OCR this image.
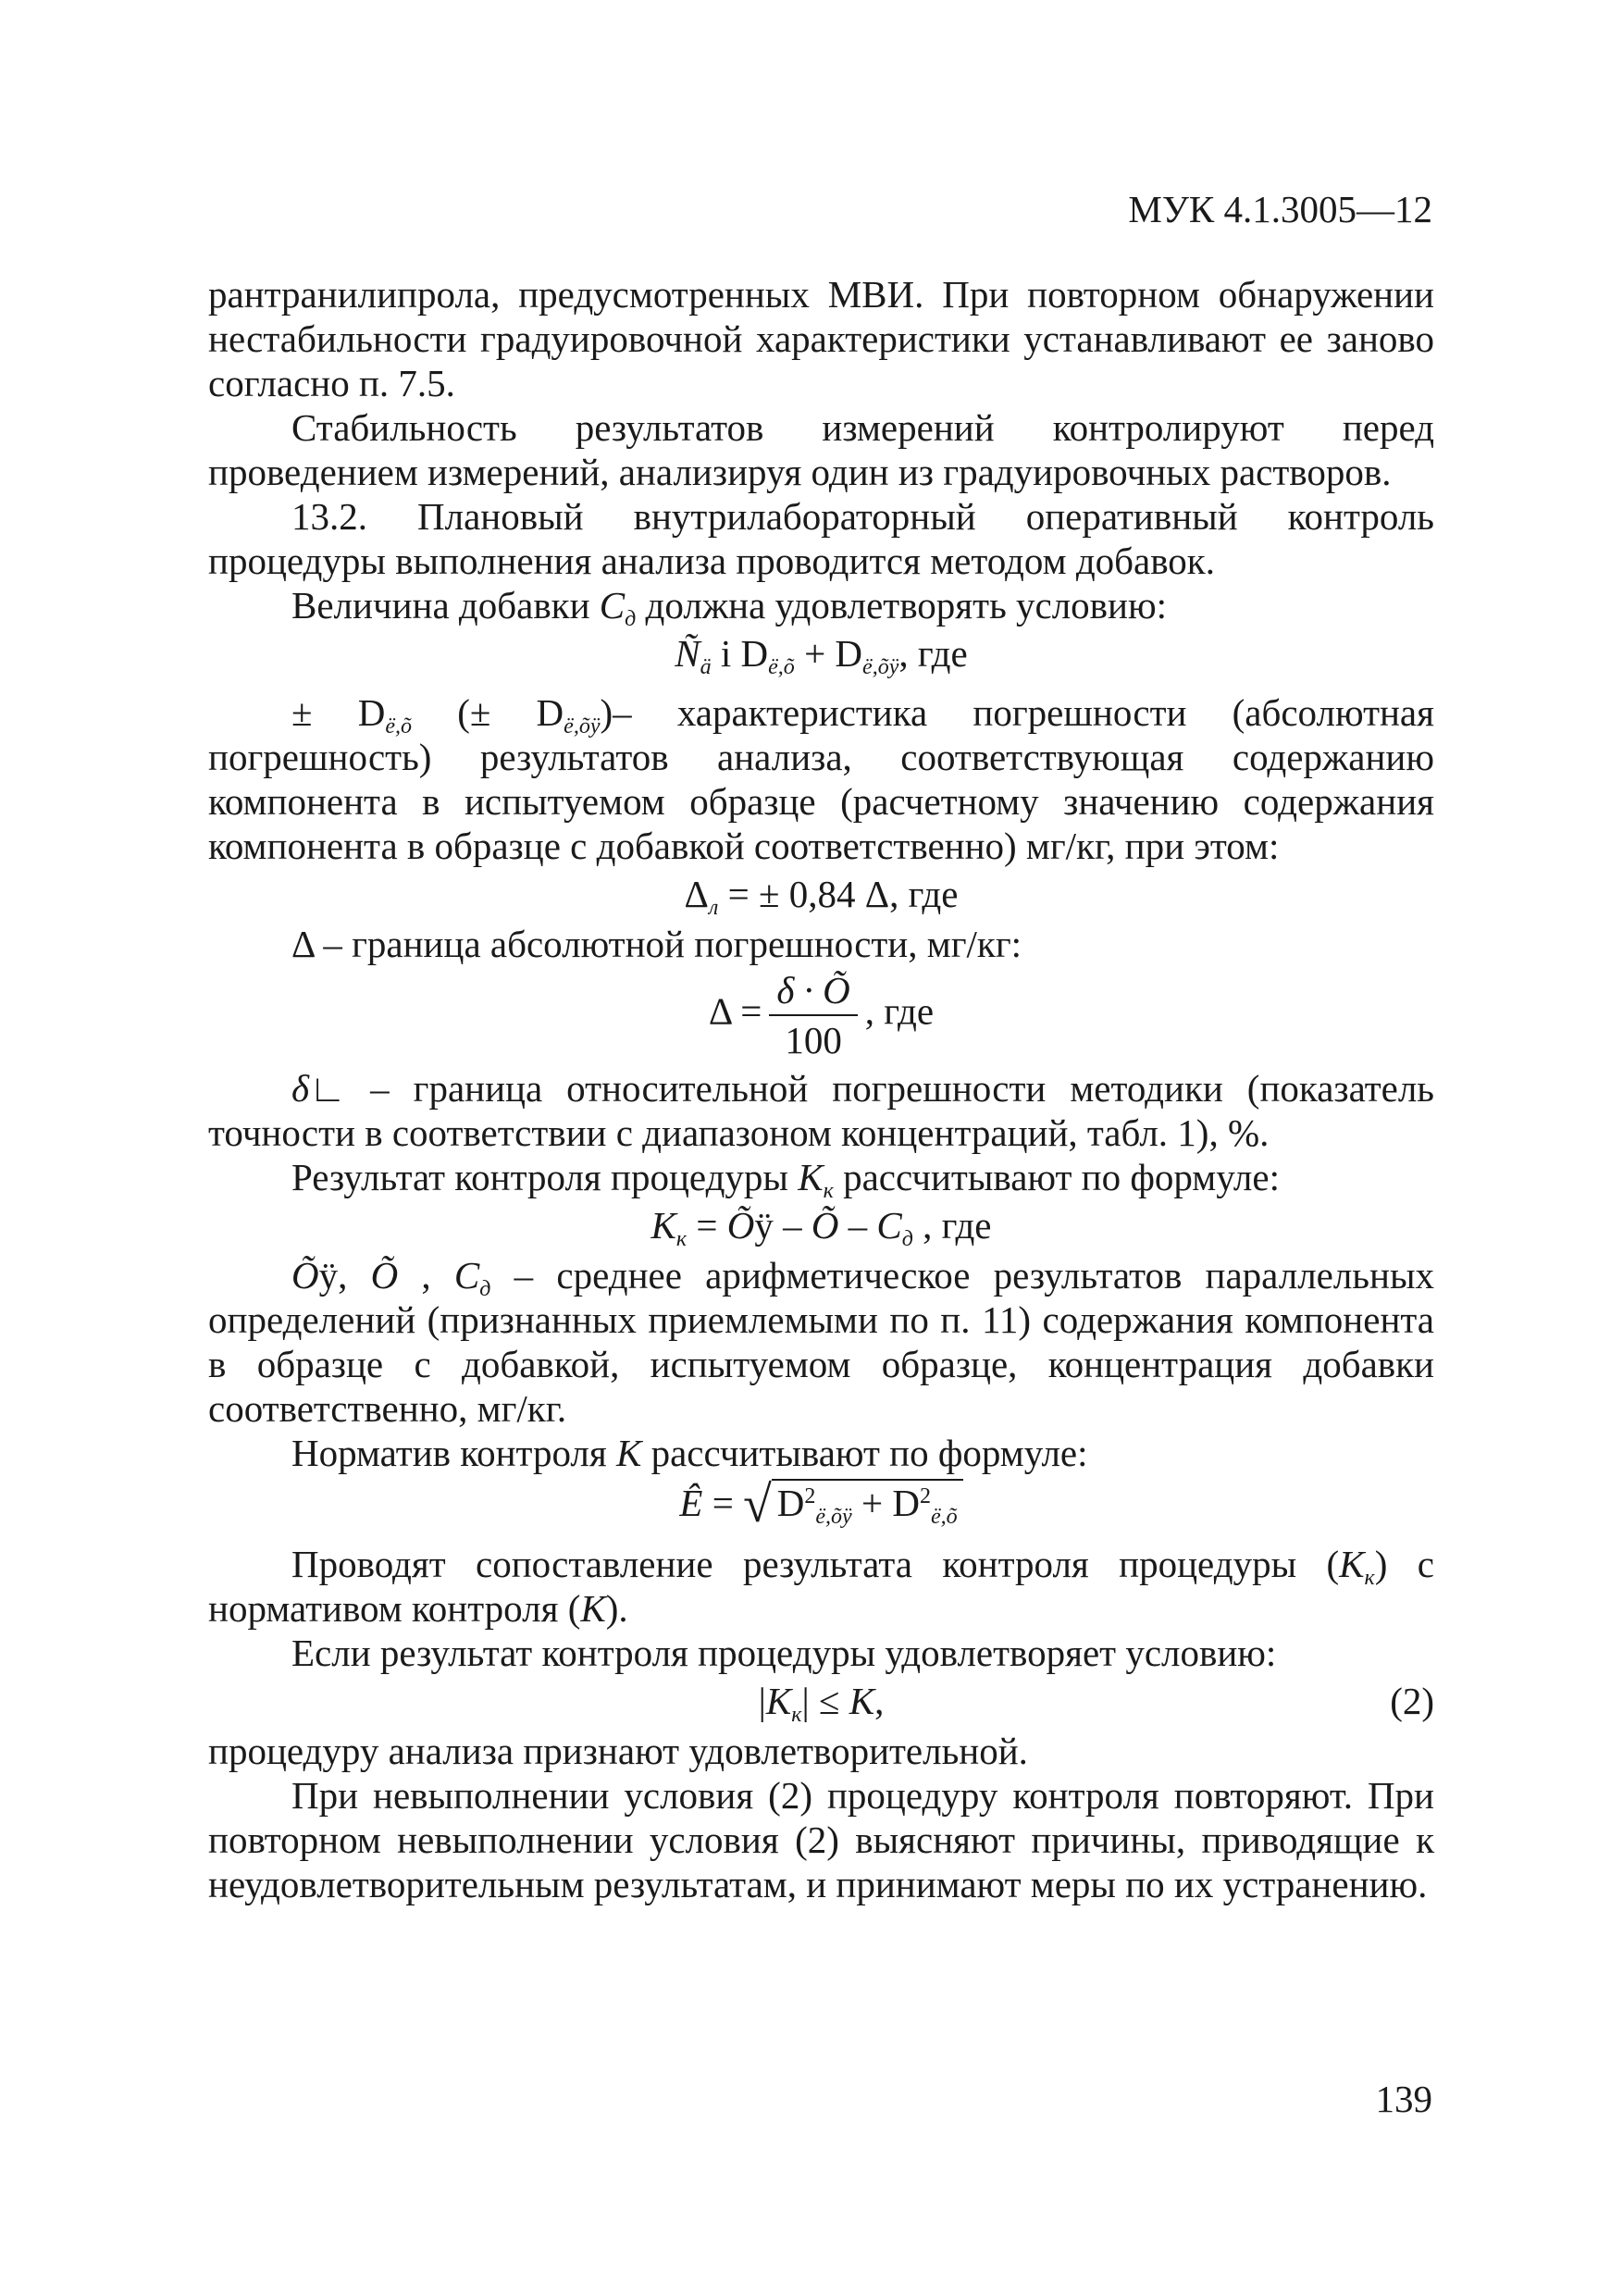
МУК 4.1.3005—12

рантранилипрола, предусмотренных МВИ. При повторном обнаружении нестабильности градуировочной характеристики устанавливают ее заново согласно п. 7.5.

Стабильность результатов измерений контролируют перед проведением измерений, анализируя один из градуировочных растворов.

13.2. Плановый внутрилабораторный оперативный контроль процедуры выполнения анализа проводится методом добавок.

Величина добавки $C_д$ должна удовлетворять условию:

$Ñ_ä$ i $D_{ë,õ} + D_{ë,õÿ}$, где

± $D_{ë,õ}$ (± $D_{ë,õÿ})-$ характеристика погрешности (абсолютная погрешность) результатов анализа, соответствующая содержанию компонента в испытуемом образце (расчетному значению содержания компонента в образце с добавкой соответственно) мг/кг, при этом:

$\Delta_л$ = ± 0,84 Δ, где

Δ – граница абсолютной погрешности, мг/кг:

$\Delta = \frac{\delta \cdot Õ}{100}$ , где

δ∟ – граница относительной погрешности методики (показатель точности в соответствии с диапазоном концентраций, табл. 1), %.

Результат контроля процедуры $K_к$ рассчитывают по формуле:

$K_к$ = Õÿ – Õ – $C_д$ , где

Õÿ, Õ , $C_д$ – среднее арифметическое результатов параллельных определений (признанных приемлемыми по п. 11) содержания компонента в образце с добавкой, испытуемом образце, концентрация добавки соответственно, мг/кг.

Норматив контроля K рассчитывают по формуле:

Ê = √ $D^2_{ë,õÿ} + D^2_{ë,õ}$

Проводят сопоставление результата контроля процедуры $(K_к)$ с нормативом контроля (K).

Если результат контроля процедуры удовлетворяет условию:

$|K_к| \le K$,	(2)

процедуру анализа признают удовлетворительной.

При невыполнении условия (2) процедуру контроля повторяют. При повторном невыполнении условия (2) выясняют причины, приводящие к неудовлетворительным результатам, и принимают меры по их устранению.

139
